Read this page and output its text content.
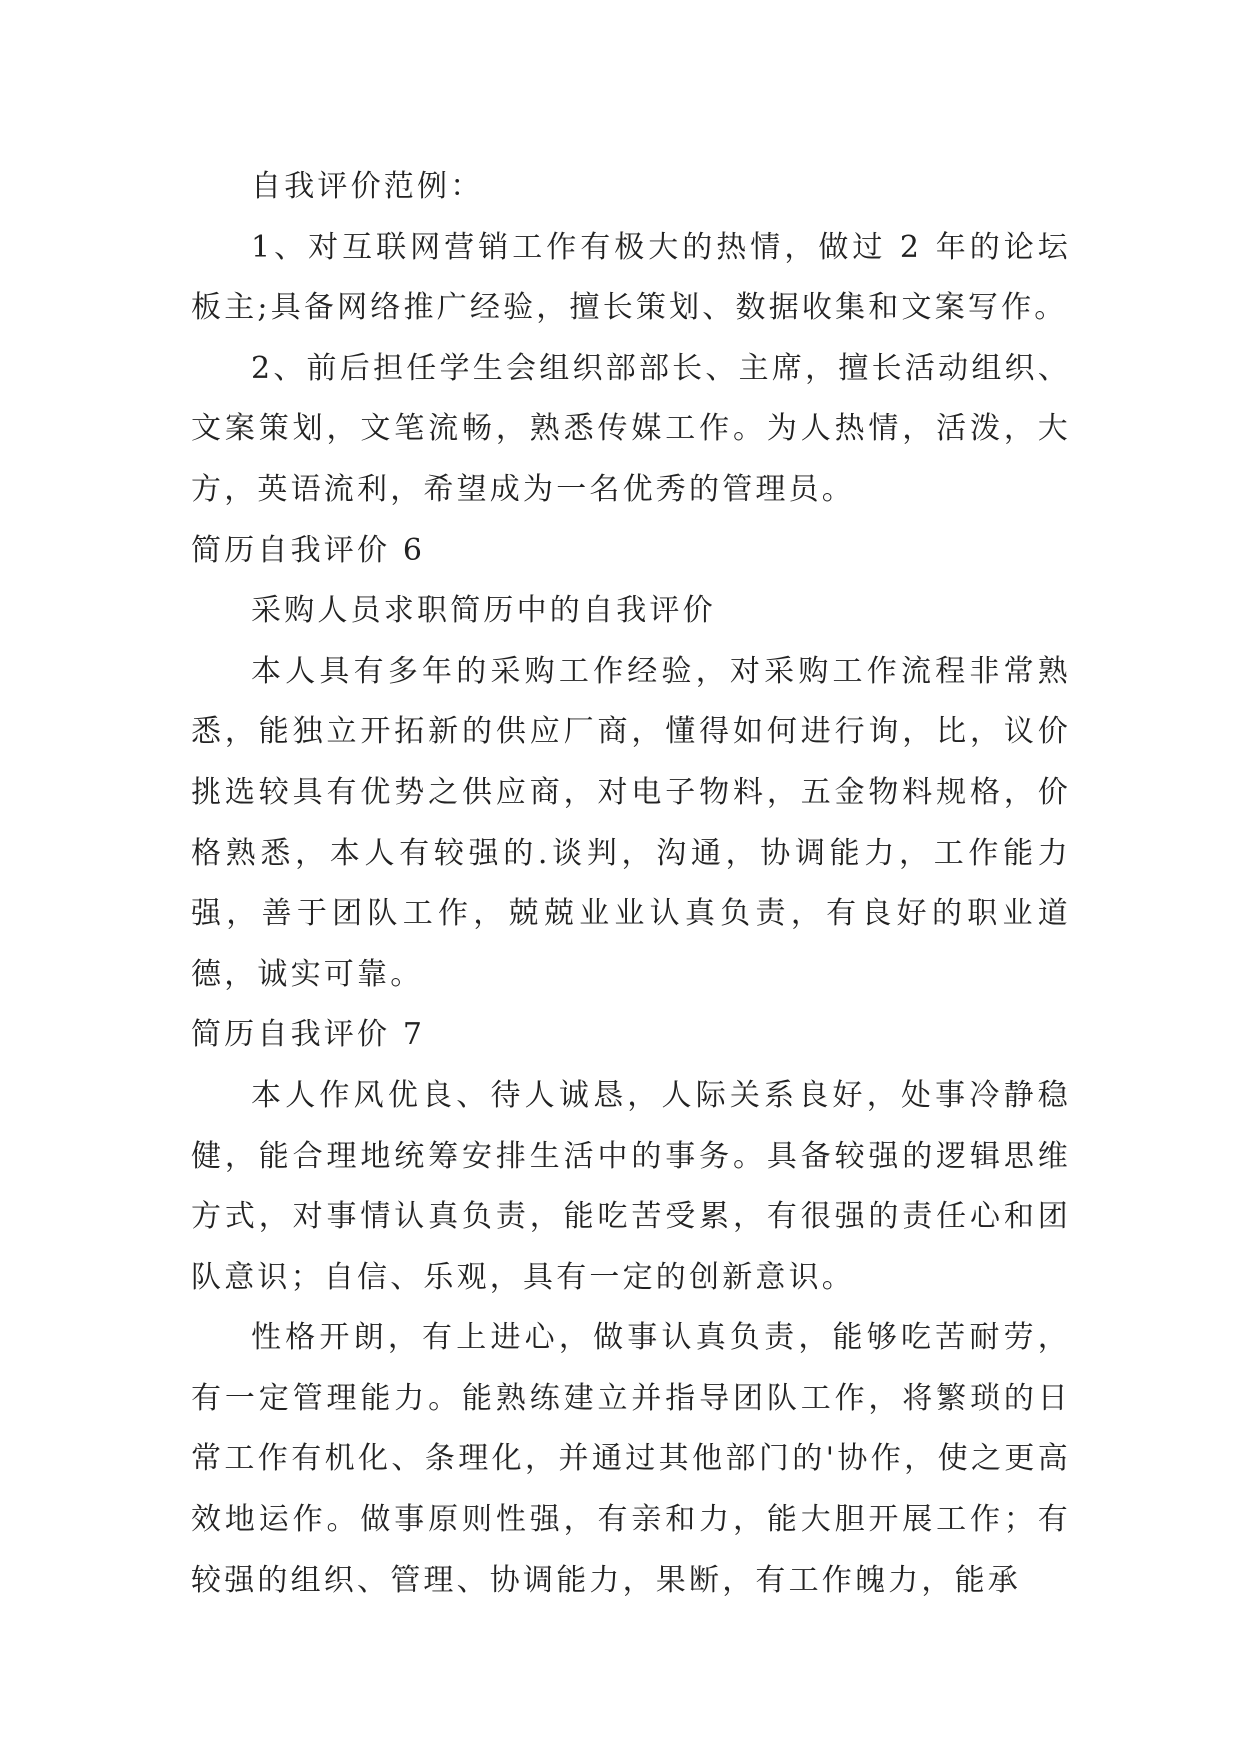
自我评价范例：

1、对互联网营销工作有极大的热情，做过 2 年的论坛板主;具备网络推广经验，擅长策划、数据收集和文案写作。

2、前后担任学生会组织部部长、主席，擅长活动组织、文案策划，文笔流畅，熟悉传媒工作。为人热情，活泼，大方，英语流利，希望成为一名优秀的管理员。

简历自我评价 6

采购人员求职简历中的自我评价

本人具有多年的采购工作经验，对采购工作流程非常熟悉，能独立开拓新的供应厂商，懂得如何进行询，比，议价挑选较具有优势之供应商，对电子物料，五金物料规格，价格熟悉，本人有较强的.谈判，沟通，协调能力，工作能力强，善于团队工作，兢兢业业认真负责，有良好的职业道德，诚实可靠。

简历自我评价 7

本人作风优良、待人诚恳，人际关系良好，处事冷静稳健，能合理地统筹安排生活中的事务。具备较强的逻辑思维方式，对事情认真负责，能吃苦受累，有很强的责任心和团队意识；自信、乐观，具有一定的创新意识。

性格开朗，有上进心，做事认真负责，能够吃苦耐劳，有一定管理能力。能熟练建立并指导团队工作，将繁琐的日常工作有机化、条理化，并通过其他部门的'协作，使之更高效地运作。做事原则性强，有亲和力，能大胆开展工作；有较强的组织、管理、协调能力，果断，有工作魄力，能承
